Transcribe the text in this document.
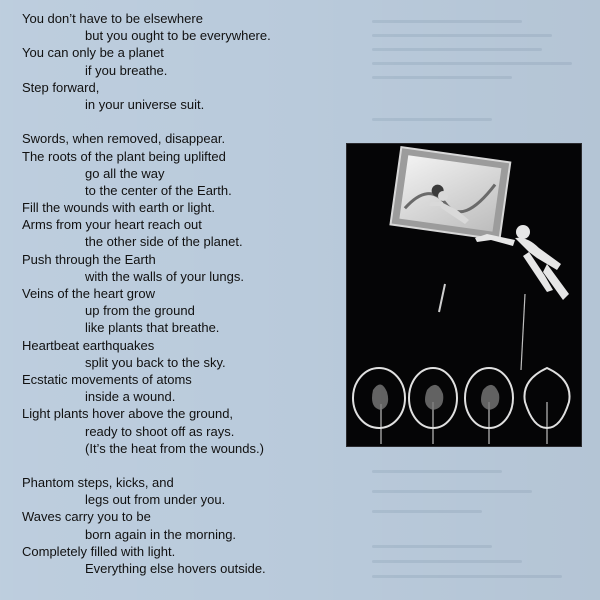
You don’t have to be elsewhere
but you ought to be everywhere.
You can only be a planet
if you breathe.
Step forward,
in your universe suit.
Swords, when removed, disappear.
The roots of the plant being uplifted
go all the way
to the center of the Earth.
Fill the wounds with earth or light.
Arms from your heart reach out
the other side of the planet.
Push through the Earth
with the walls of your lungs.
Veins of the heart grow
up from the ground
like plants that breathe.
Heartbeat earthquakes
split you back to the sky.
Ecstatic movements of atoms
inside a wound.
Light plants hover above the ground,
ready to shoot off as rays.
(It’s the heat from the wounds.)
Phantom steps, kicks, and
legs out from under you.
Waves carry you to be
born again in the morning.
Completely filled with light.
Everything else hovers outside.
